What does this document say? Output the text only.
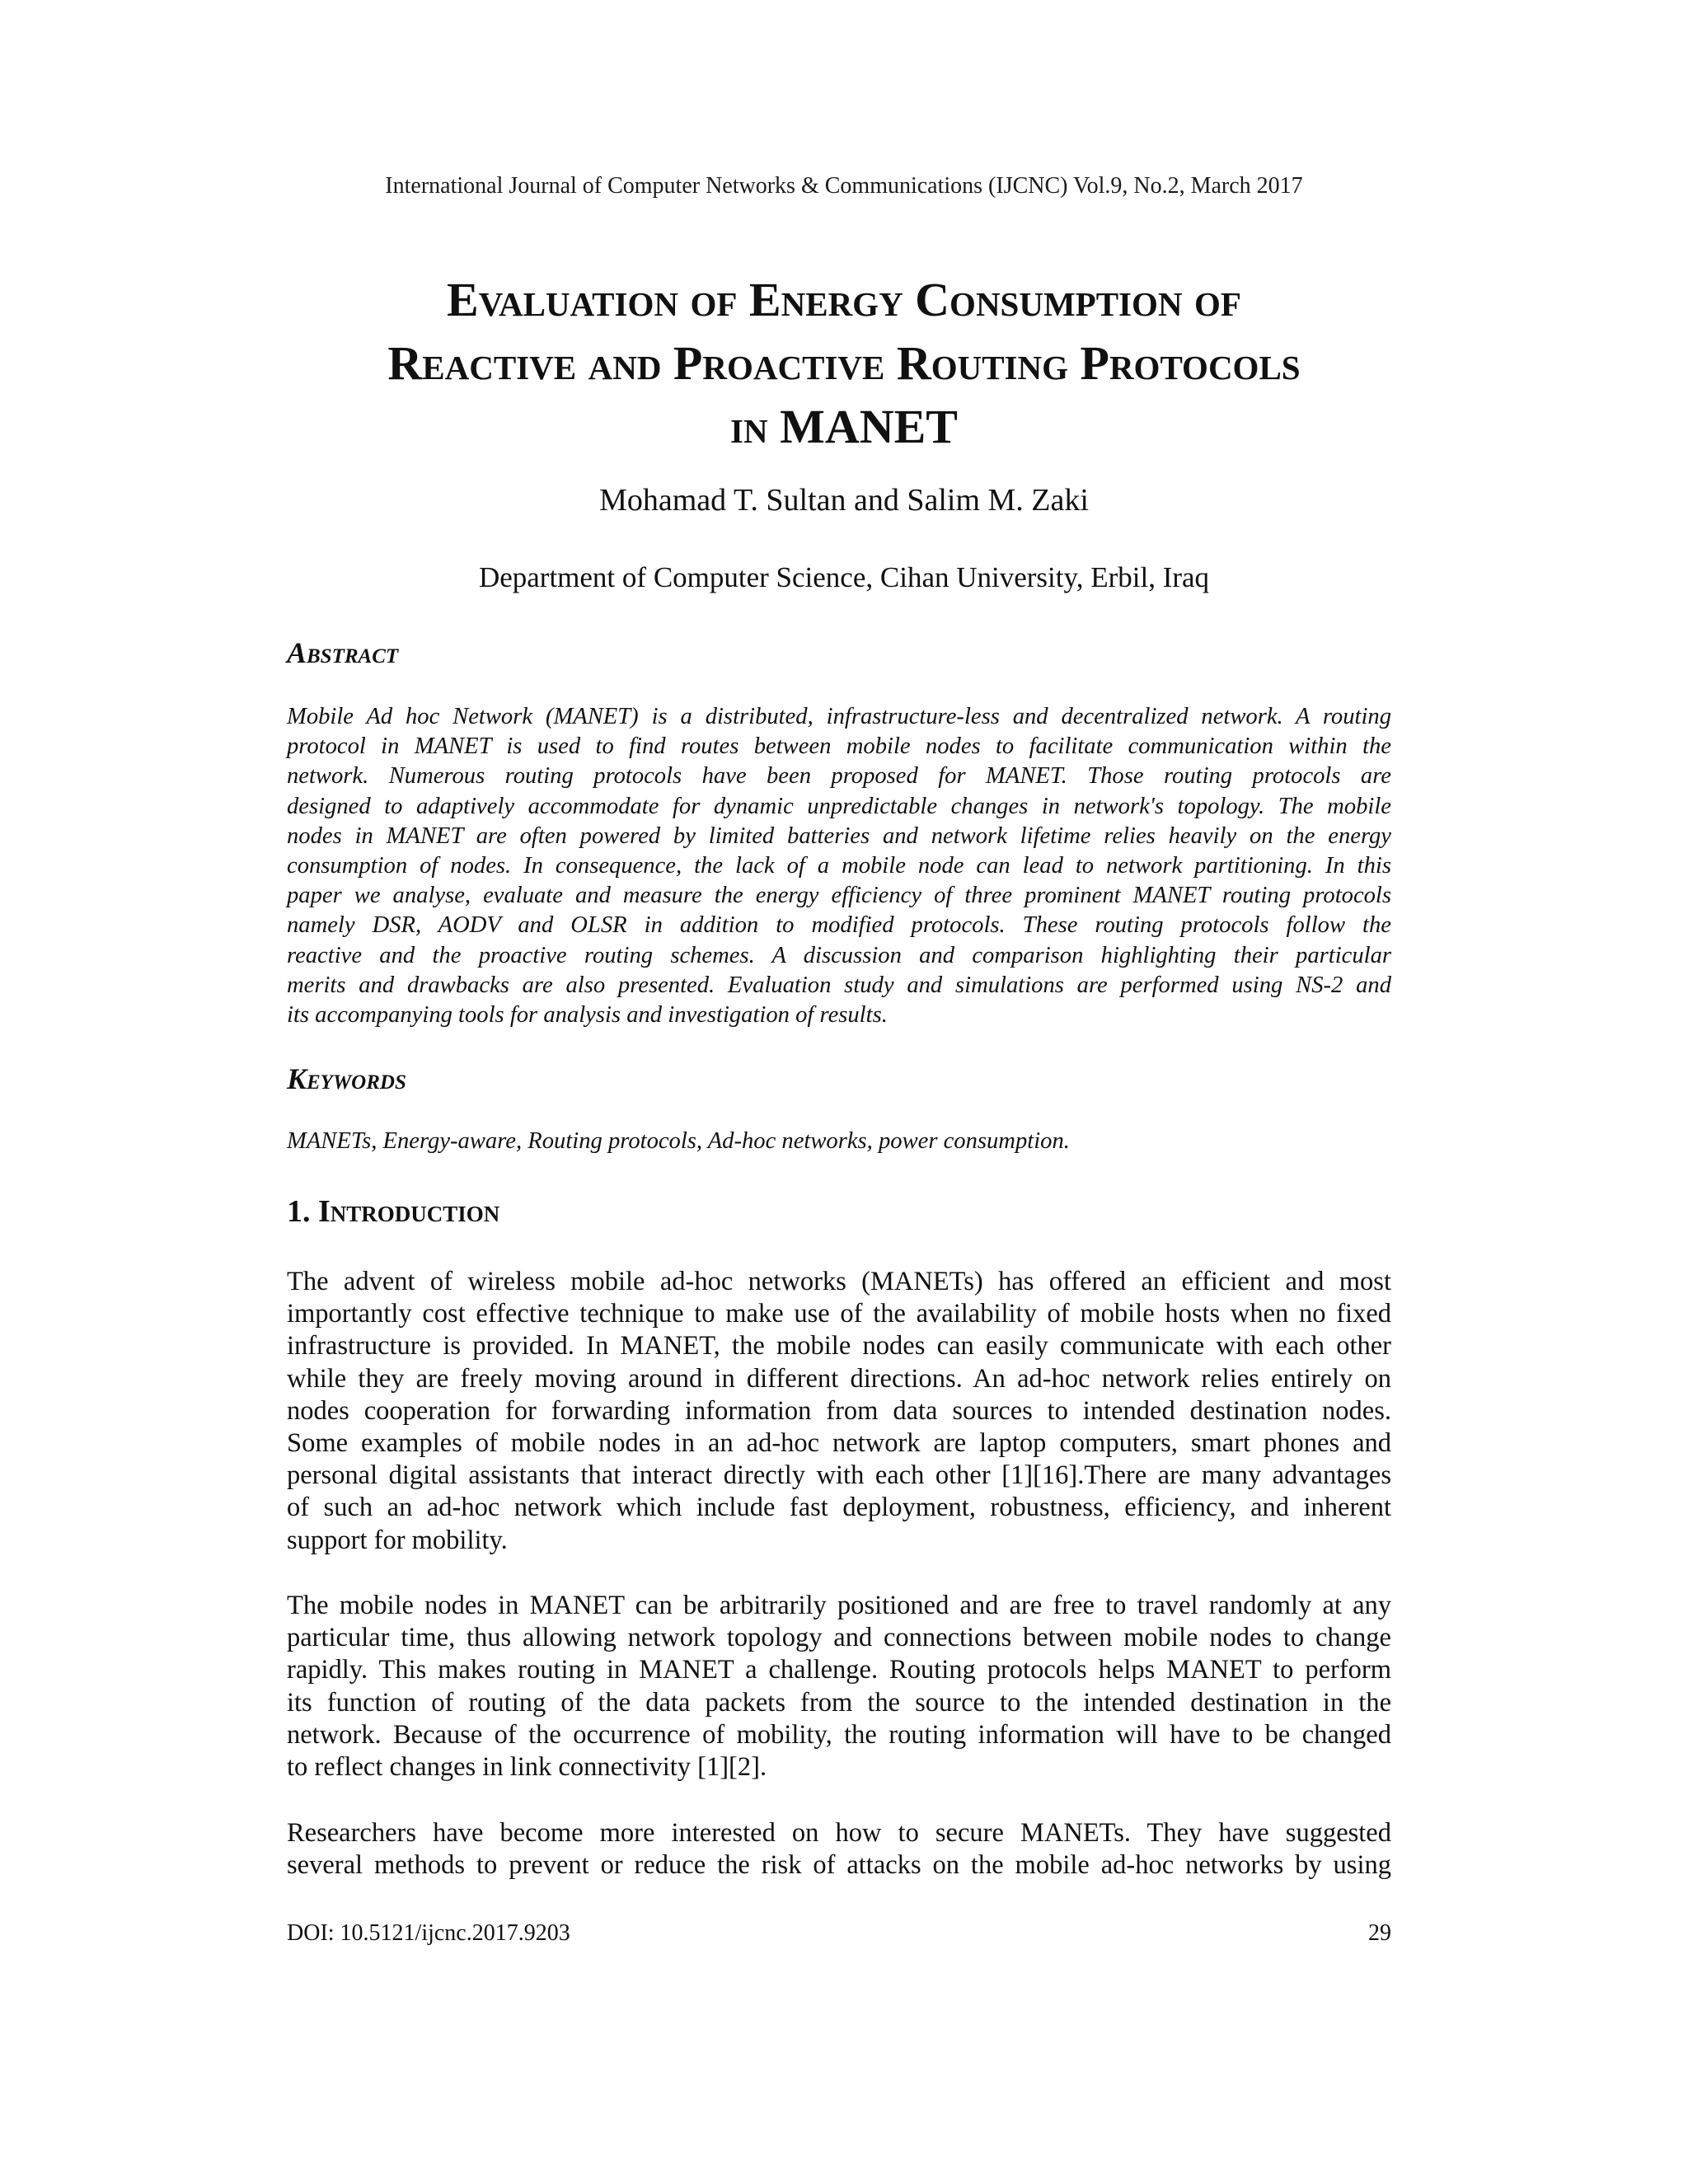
International Journal of Computer Networks & Communications (IJCNC) Vol.9, No.2, March 2017
Evaluation of Energy Consumption of
Reactive and Proactive Routing Protocols
in MANET
Mohamad T. Sultan and Salim M. Zaki
Department of Computer Science, Cihan University, Erbil, Iraq
Abstract
Mobile Ad hoc Network (MANET) is a distributed, infrastructure-less and decentralized network. A routing
protocol in MANET is used to find routes between mobile nodes to facilitate communication within the
network. Numerous routing protocols have been proposed for MANET. Those routing protocols are
designed to adaptively accommodate for dynamic unpredictable changes in network's topology. The mobile
nodes in MANET are often powered by limited batteries and network lifetime relies heavily on the energy
consumption of nodes. In consequence, the lack of a mobile node can lead to network partitioning. In this
paper we analyse, evaluate and measure the energy efficiency of three prominent MANET routing protocols
namely DSR, AODV and OLSR in addition to modified protocols. These routing protocols follow the
reactive and the proactive routing schemes. A discussion and comparison highlighting their particular
merits and drawbacks are also presented. Evaluation study and simulations are performed using NS-2 and
its accompanying tools for analysis and investigation of results.
Keywords
MANETs, Energy-aware, Routing protocols, Ad-hoc networks, power consumption.
1. Introduction
The advent of wireless mobile ad-hoc networks (MANETs) has offered an efficient and most
importantly cost effective technique to make use of the availability of mobile hosts when no fixed
infrastructure is provided. In MANET, the mobile nodes can easily communicate with each other
while they are freely moving around in different directions. An ad-hoc network relies entirely on
nodes cooperation for forwarding information from data sources to intended destination nodes.
Some examples of mobile nodes in an ad-hoc network are laptop computers, smart phones and
personal digital assistants that interact directly with each other [1][16].There are many advantages
of such an ad-hoc network which include fast deployment, robustness, efficiency, and inherent
support for mobility.
The mobile nodes in MANET can be arbitrarily positioned and are free to travel randomly at any
particular time, thus allowing network topology and connections between mobile nodes to change
rapidly. This makes routing in MANET a challenge. Routing protocols helps MANET to perform
its function of routing of the data packets from the source to the intended destination in the
network. Because of the occurrence of mobility, the routing information will have to be changed
to reflect changes in link connectivity [1][2].
Researchers have become more interested on how to secure MANETs. They have suggested
several methods to prevent or reduce the risk of attacks on the mobile ad-hoc networks by using
DOI: 10.5121/ijcnc.2017.9203	29
